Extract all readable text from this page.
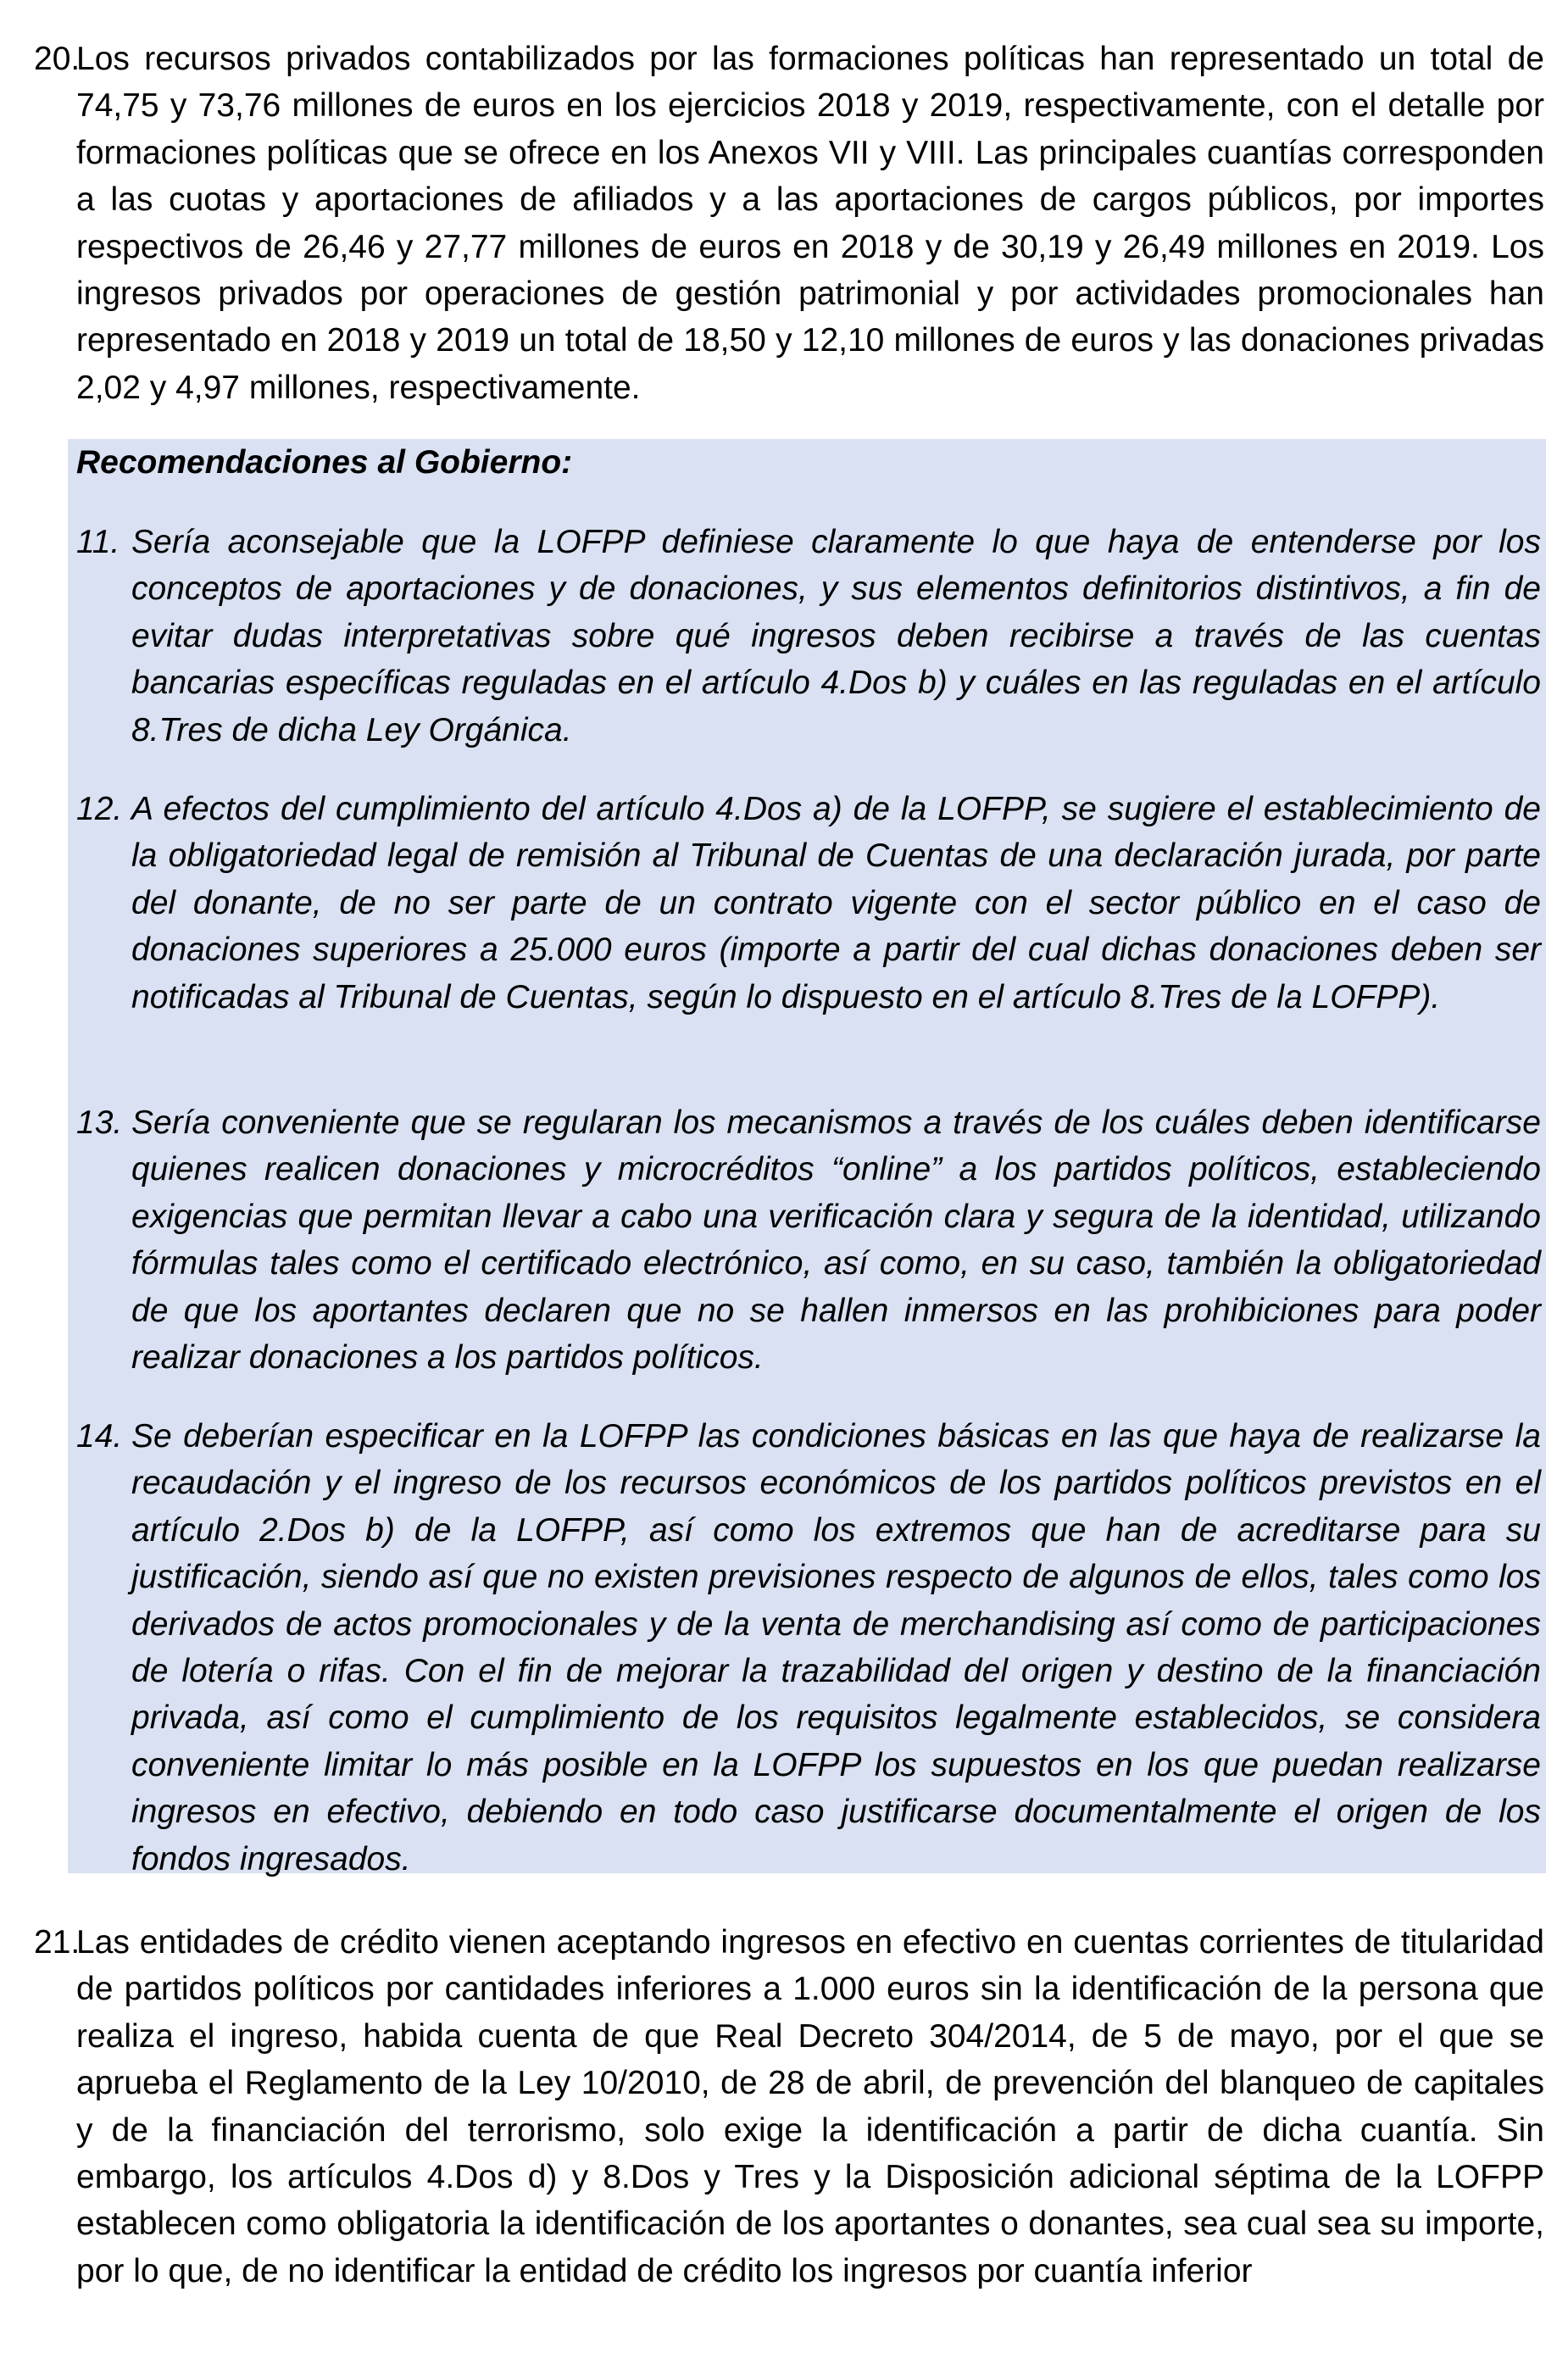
20.
Los recursos privados contabilizados por las formaciones políticas han representado un total de 74,75 y 73,76 millones de euros en los ejercicios 2018 y 2019, respectivamente, con el detalle por formaciones políticas que se ofrece en los Anexos VII y VIII. Las principales cuantías corresponden a las cuotas y aportaciones de afiliados y a las aportaciones de cargos públicos, por importes respectivos de 26,46 y 27,77 millones de euros en 2018 y de 30,19 y 26,49 millones en 2019. Los ingresos privados por operaciones de gestión patrimonial y por actividades promocionales han representado en 2018 y 2019 un total de 18,50 y 12,10 millones de euros y las donaciones privadas 2,02 y 4,97 millones, respectivamente.
Recomendaciones al Gobierno:
11. Sería aconsejable que la LOFPP definiese claramente lo que haya de entenderse por los conceptos de aportaciones y de donaciones, y sus elementos definitorios distintivos, a fin de evitar dudas interpretativas sobre qué ingresos deben recibirse a través de las cuentas bancarias específicas reguladas en el artículo 4.Dos b) y cuáles en las reguladas en el artículo 8.Tres de dicha Ley Orgánica.
12. A efectos del cumplimiento del artículo 4.Dos a) de la LOFPP, se sugiere el establecimiento de la obligatoriedad legal de remisión al Tribunal de Cuentas de una declaración jurada, por parte del donante, de no ser parte de un contrato vigente con el sector público en el caso de donaciones superiores a 25.000 euros (importe a partir del cual dichas donaciones deben ser notificadas al Tribunal de Cuentas, según lo dispuesto en el artículo 8.Tres de la LOFPP).
13. Sería conveniente que se regularan los mecanismos a través de los cuáles deben identificarse quienes realicen donaciones y microcréditos “online” a los partidos políticos, estableciendo exigencias que permitan llevar a cabo una verificación clara y segura de la identidad, utilizando fórmulas tales como el certificado electrónico, así como, en su caso, también la obligatoriedad de que los aportantes declaren que no se hallen inmersos en las prohibiciones para poder realizar donaciones a los partidos políticos.
14. Se deberían especificar en la LOFPP las condiciones básicas en las que haya de realizarse la recaudación y el ingreso de los recursos económicos de los partidos políticos previstos en el artículo 2.Dos b) de la LOFPP, así como los extremos que han de acreditarse para su justificación, siendo así que no existen previsiones respecto de algunos de ellos, tales como los derivados de actos promocionales y de la venta de merchandising así como de participaciones de lotería o rifas. Con el fin de mejorar la trazabilidad del origen y destino de la financiación privada, así como el cumplimiento de los requisitos legalmente establecidos, se considera conveniente limitar lo más posible en la LOFPP los supuestos en los que puedan realizarse ingresos en efectivo, debiendo en todo caso justificarse documentalmente el origen de los fondos ingresados.
21.
Las entidades de crédito vienen aceptando ingresos en efectivo en cuentas corrientes de titularidad de partidos políticos por cantidades inferiores a 1.000 euros sin la identificación de la persona que realiza el ingreso, habida cuenta de que Real Decreto 304/2014, de 5 de mayo, por el que se aprueba el Reglamento de la Ley 10/2010, de 28 de abril, de prevención del blanqueo de capitales y de la financiación del terrorismo, solo exige la identificación a partir de dicha cuantía. Sin embargo, los artículos 4.Dos d) y 8.Dos y Tres y la Disposición adicional séptima de la LOFPP establecen como obligatoria la identificación de los aportantes o donantes, sea cual sea su importe, por lo que, de no identificar la entidad de crédito los ingresos por cuantía inferior
